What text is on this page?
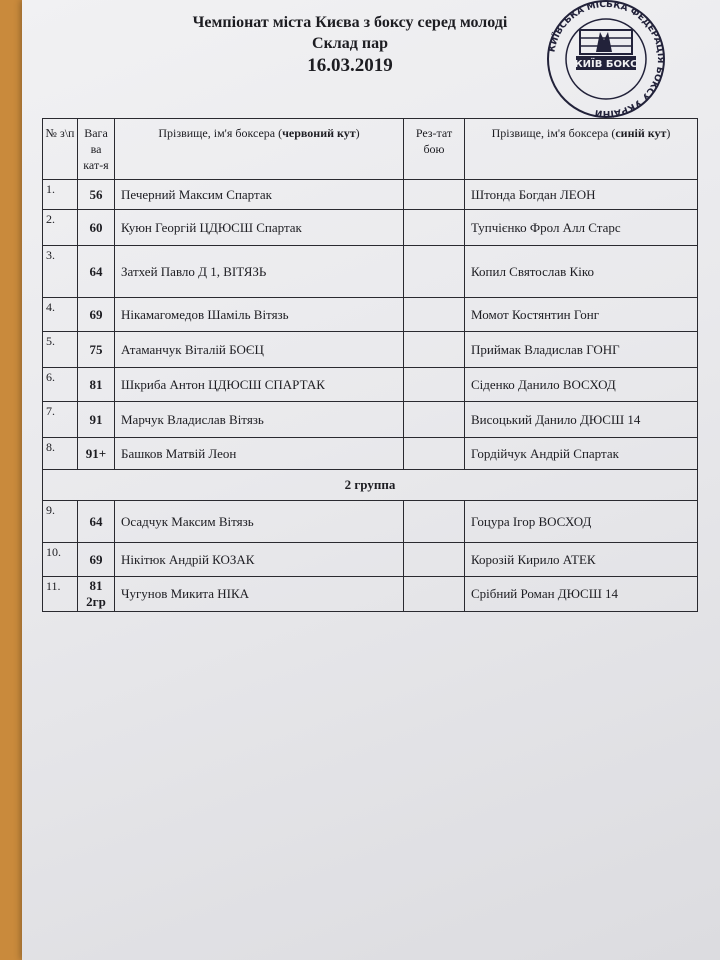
Чемпіонат міста Києва з боксу серед молоді
Склад пар
16.03.2019
КИЇВСЬКА МІСЬКА ФЕДЕРАЦІЯ БОКСУ УКРАЇНИ
КИЇВ БОКС
№ з\п	Вага ва кат-я	Прізвище, ім'я боксера (червоний кут)	Рез-тат бою	Прізвище, ім'я боксера (синій кут)
1.	56	Печерний Максим Спартак		Штонда Богдан ЛЕОН
2.	60	Куюн Георгій ЦДЮСШ Спартак		Тупчієнко Фрол Алл Старс
3.	64	Затхей Павло Д 1, ВІТЯЗЬ		Копил Святослав Кіко
4.	69	Нікамагомедов Шаміль Вітязь		Момот Костянтин Гонг
5.	75	Атаманчук Віталій БОЄЦ		Приймак Владислав ГОНГ
6.	81	Шкриба Антон ЦДЮСШ СПАРТАК		Сіденко Данило ВОСХОД
7.	91	Марчук Владислав Вітязь		Висоцький Данило ДЮСШ 14
8.	91+	Башков Матвій Леон		Гордійчук Андрій Спартак
2 группа				
9.	64	Осадчук Максим Вітязь		Гоцура Ігор ВОСХОД
10.	69	Нікітюк Андрій КОЗАК		Корозій Кирило АТЕК
11.	81 2гр	Чугунов Микита НІКА		Срібний Роман ДЮСШ 14
